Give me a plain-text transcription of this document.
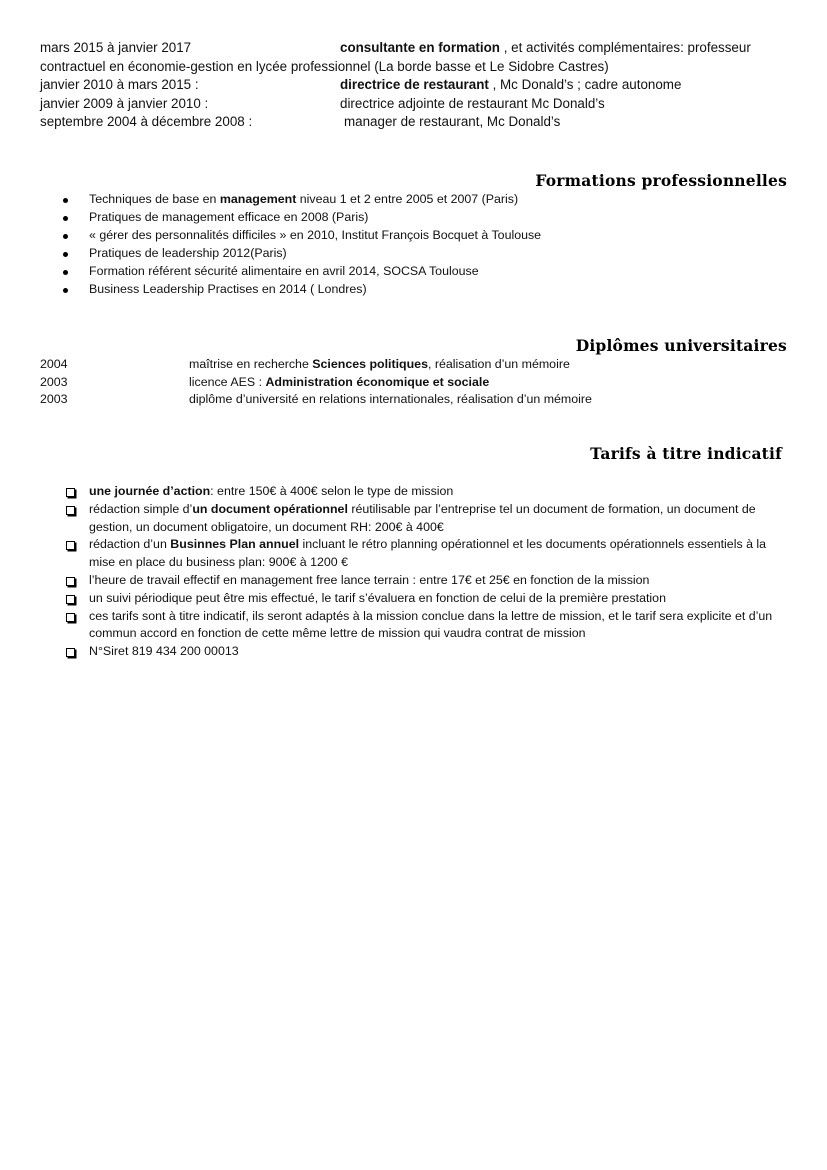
mars 2015 à janvier 2017	consultante en formation , et activités complémentaires: professeur
contractuel en économie-gestion en lycée professionnel (La borde basse et Le Sidobre Castres)
janvier 2010 à mars 2015 :	directrice de restaurant , Mc Donald’s ; cadre autonome
janvier 2009 à janvier 2010 :	directrice adjointe de restaurant Mc Donald’s
septembre 2004 à décembre 2008 :	manager de restaurant, Mc Donald’s
Formations professionnelles
Techniques de base en management niveau 1 et 2 entre 2005 et 2007 (Paris)
Pratiques de management efficace en 2008 (Paris)
« gérer des personnalités difficiles » en 2010, Institut François Bocquet à Toulouse
Pratiques de leadership 2012(Paris)
Formation référent sécurité alimentaire en avril 2014, SOCSA Toulouse
Business Leadership Practises en 2014 ( Londres)
Diplômes universitaires
2004	maîtrise en recherche Sciences politiques, réalisation d’un mémoire
2003	licence AES : Administration économique et sociale
2003	diplôme d’université en relations internationales, réalisation d’un mémoire
Tarifs à titre indicatif
une journée d’action: entre 150€ à 400€ selon le type de mission
rédaction simple d’un document opérationnel réutilisable par l’entreprise tel un document de formation, un document de gestion, un document obligatoire, un document RH: 200€ à 400€
rédaction d’un Businnes Plan annuel incluant le rétro planning opérationnel et les documents opérationnels essentiels à la mise en place du business plan: 900€ à 1200 €
l’heure de travail effectif en management free lance terrain : entre 17€ et 25€ en fonction de la mission
un suivi périodique peut être mis effectué, le tarif s’évaluera en fonction de celui de la première prestation
ces tarifs sont à titre indicatif, ils seront adaptés à la mission conclue dans la lettre de mission, et le tarif sera explicite et d’un commun accord en fonction de cette même lettre de mission qui vaudra contrat de mission
N°Siret 819 434 200 00013
